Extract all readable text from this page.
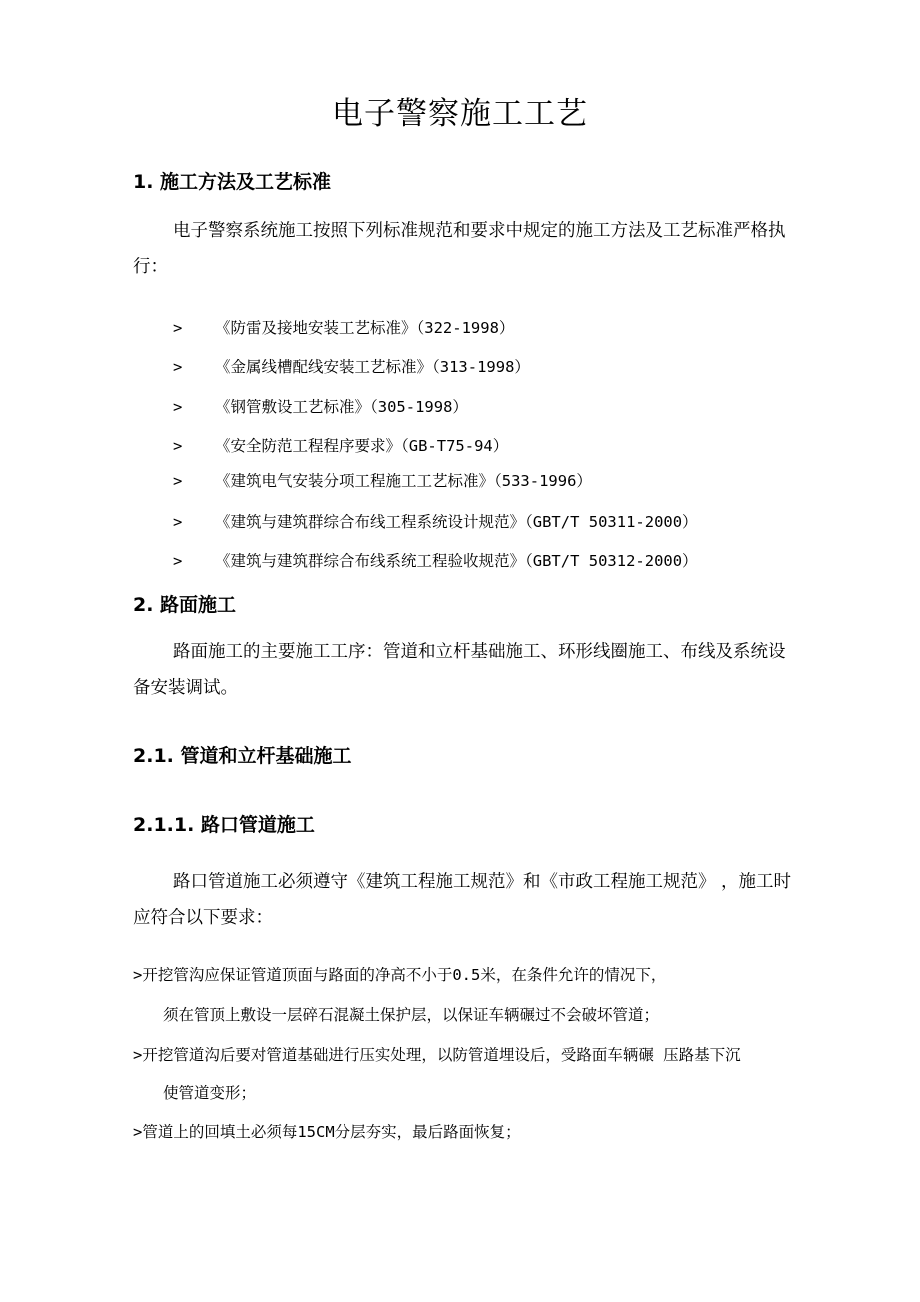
电子警察施工工艺
1. 施工方法及工艺标准
电子警察系统施工按照下列标准规范和要求中规定的施工方法及工艺标准严格执行：
> 《防雷及接地安装工艺标准》（322-1998）
> 《金属线槽配线安装工艺标准》（313-1998）
> 《钢管敷设工艺标准》（305-1998）
> 《安全防范工程程序要求》（GB-T75-94）
> 《建筑电气安装分项工程施工工艺标准》（533-1996）
> 《建筑与建筑群综合布线工程系统设计规范》（GBT/T 50311-2000）
> 《建筑与建筑群综合布线系统工程验收规范》（GBT/T 50312-2000）
2. 路面施工
路面施工的主要施工工序：管道和立杆基础施工、环形线圈施工、布线及系统设备安装调试。
2.1. 管道和立杆基础施工
2.1.1. 路口管道施工
路口管道施工必须遵守《建筑工程施工规范》和《市政工程施工规范》 ，施工时应符合以下要求：
>开挖管沟应保证管道顶面与路面的净高不小于0.5米，在条件允许的情况下，
须在管顶上敷设一层碎石混凝土保护层，以保证车辆碾过不会破坏管道；
>开挖管道沟后要对管道基础进行压实处理，以防管道埋设后，受路面车辆碾 压路基下沉
使管道变形；
>管道上的回填土必须每15CM分层夯实，最后路面恢复；
